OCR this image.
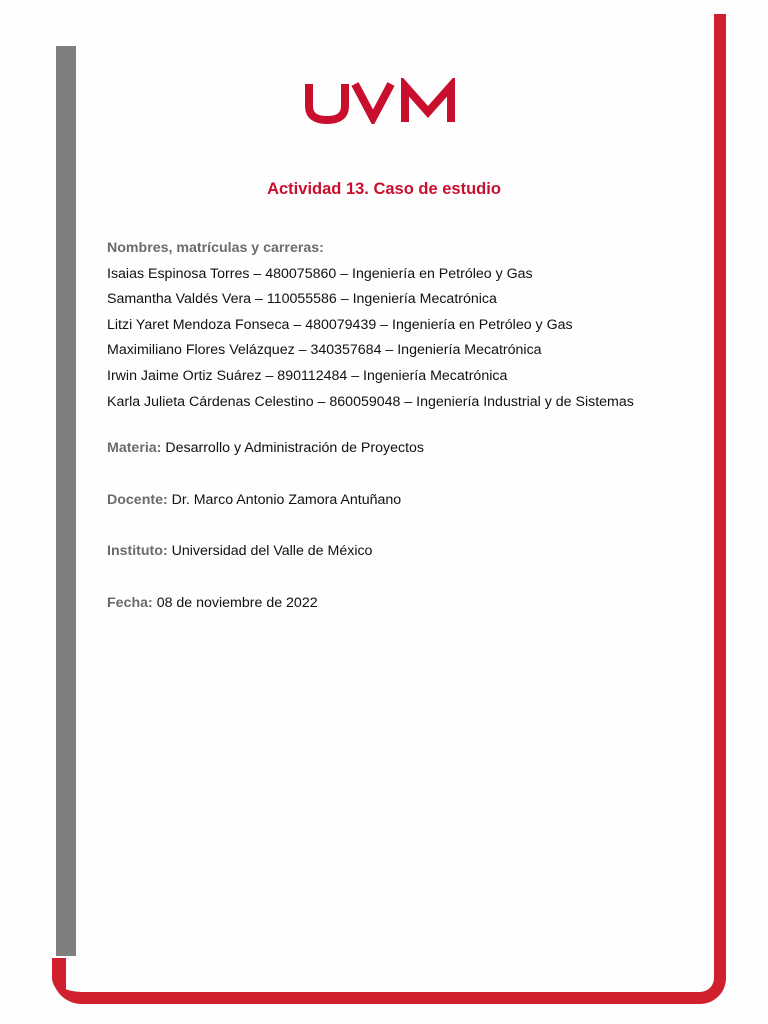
Actividad 13. Caso de estudio
Nombres, matrículas y carreras:
Isaias Espinosa Torres – 480075860 – Ingeniería en Petróleo y Gas
Samantha Valdés Vera – 110055586 – Ingeniería Mecatrónica
Litzi Yaret Mendoza Fonseca – 480079439 – Ingeniería en Petróleo y Gas
Maximiliano Flores Velázquez – 340357684 – Ingeniería Mecatrónica
Irwin Jaime Ortiz Suárez – 890112484 – Ingeniería Mecatrónica
Karla Julieta Cárdenas Celestino – 860059048 – Ingeniería Industrial y de Sistemas
Materia: Desarrollo y Administración de Proyectos
Docente: Dr. Marco Antonio Zamora Antuñano
Instituto: Universidad del Valle de México
Fecha: 08 de noviembre de 2022
